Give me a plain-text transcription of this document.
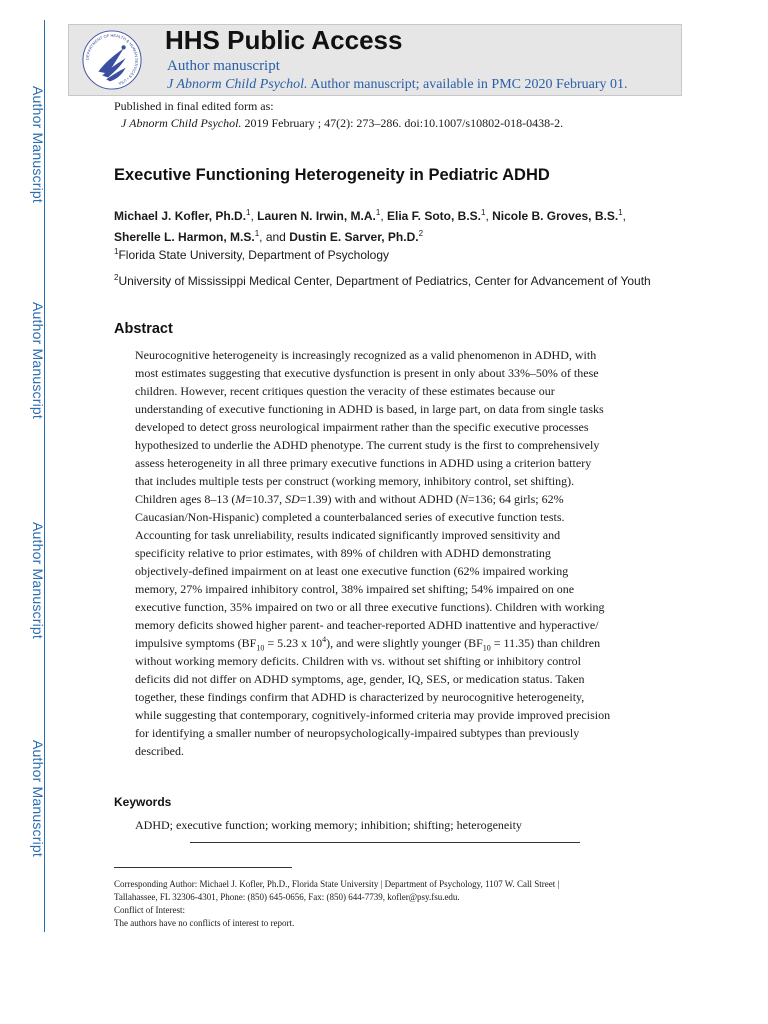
Author Manuscript
Author Manuscript
Author Manuscript
Author Manuscript
DEPARTMENT OF HEALTH & HUMAN SERVICES • USA
HHS Public Access
Author manuscript
J Abnorm Child Psychol. Author manuscript; available in PMC 2020 February 01.
Published in final edited form as:
J Abnorm Child Psychol. 2019 February ; 47(2): 273–286. doi:10.1007/s10802-018-0438-2.
Executive Functioning Heterogeneity in Pediatric ADHD
Michael J. Kofler, Ph.D.$^1$, Lauren N. Irwin, M.A.$^1$, Elia F. Soto, B.S.$^1$, Nicole B. Groves, B.S.$^1$,
Sherelle L. Harmon, M.S.$^1$, and Dustin E. Sarver, Ph.D.$^2$
$^1$Florida State University, Department of Psychology
$^2$University of Mississippi Medical Center, Department of Pediatrics, Center for Advancement of Youth
Abstract
Neurocognitive heterogeneity is increasingly recognized as a valid phenomenon in ADHD, with
most estimates suggesting that executive dysfunction is present in only about 33%–50% of these
children. However, recent critiques question the veracity of these estimates because our
understanding of executive functioning in ADHD is based, in large part, on data from single tasks
developed to detect gross neurological impairment rather than the specific executive processes
hypothesized to underlie the ADHD phenotype. The current study is the first to comprehensively
assess heterogeneity in all three primary executive functions in ADHD using a criterion battery
that includes multiple tests per construct (working memory, inhibitory control, set shifting).
Children ages 8–13 (M=10.37, SD=1.39) with and without ADHD (N=136; 64 girls; 62%
Caucasian/Non-Hispanic) completed a counterbalanced series of executive function tests.
Accounting for task unreliability, results indicated significantly improved sensitivity and
specificity relative to prior estimates, with 89% of children with ADHD demonstrating
objectively-defined impairment on at least one executive function (62% impaired working
memory, 27% impaired inhibitory control, 38% impaired set shifting; 54% impaired on one
executive function, 35% impaired on two or all three executive functions). Children with working
memory deficits showed higher parent- and teacher-reported ADHD inattentive and hyperactive/
impulsive symptoms ($BF_{10} = 5.23$ x $10^4$), and were slightly younger $(BF_{10} = 11.35)$ than children
without working memory deficits. Children with vs. without set shifting or inhibitory control
deficits did not differ on ADHD symptoms, age, gender, IQ, SES, or medication status. Taken
together, these findings confirm that ADHD is characterized by neurocognitive heterogeneity,
while suggesting that contemporary, cognitively-informed criteria may provide improved precision
for identifying a smaller number of neuropsychologically-impaired subtypes than previously
described.
Keywords
ADHD; executive function; working memory; inhibition; shifting; heterogeneity
Corresponding Author: Michael J. Kofler, Ph.D., Florida State University | Department of Psychology, 1107 W. Call Street |
Tallahassee, FL 32306-4301, Phone: (850) 645-0656, Fax: (850) 644-7739, kofler@psy.fsu.edu.
Conflict of Interest:
The authors have no conflicts of interest to report.
